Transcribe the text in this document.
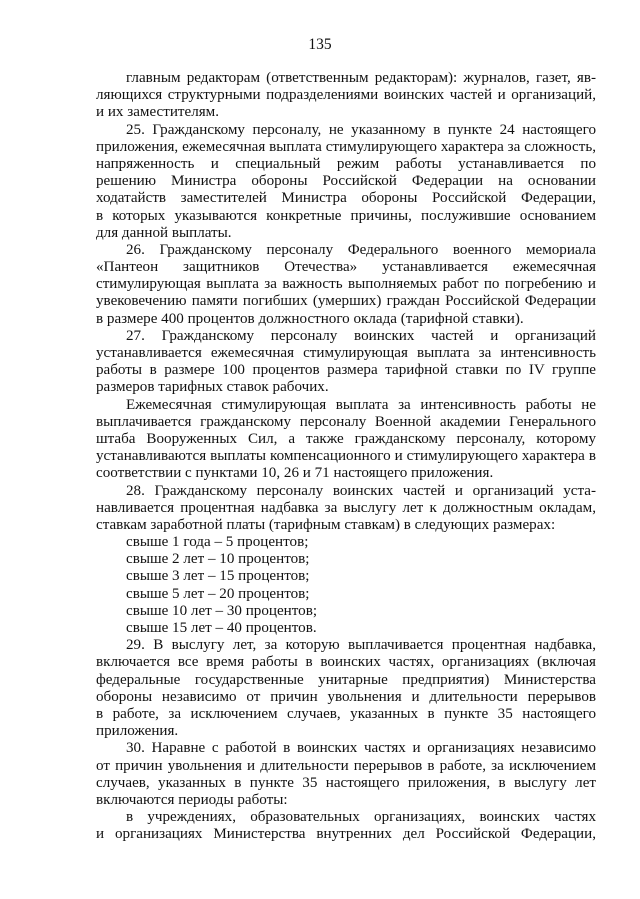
135
главным редакторам (ответственным редакторам): журналов, газет, яв-
ляющихся структурными подразделениями воинских частей и организаций,
и их заместителям.
25. Гражданскому персоналу, не указанному в пункте 24 настоящего
приложения, ежемесячная выплата стимулирующего характера за сложность,
напряженность и специальный режим работы устанавливается по
решению Министра обороны Российской Федерации на основании
ходатайств заместителей Министра обороны Российской Федерации,
в которых указываются конкретные причины, послужившие основанием
для данной выплаты.
26. Гражданскому персоналу Федерального военного мемориала
«Пантеон защитников Отечества» устанавливается ежемесячная
стимулирующая выплата за важность выполняемых работ по погребению и
увековечению памяти погибших (умерших) граждан Российской Федерации
в размере 400 процентов должностного оклада (тарифной ставки).
27. Гражданскому персоналу воинских частей и организаций
устанавливается ежемесячная стимулирующая выплата за интенсивность
работы в размере 100 процентов размера тарифной ставки по IV группе
размеров тарифных ставок рабочих.
Ежемесячная стимулирующая выплата за интенсивность работы не
выплачивается гражданскому персоналу Военной академии Генерального
штаба Вооруженных Сил, а также гражданскому персоналу, которому
устанавливаются выплаты компенсационного и стимулирующего характера в
соответствии с пунктами 10, 26 и 71 настоящего приложения.
28. Гражданскому персоналу воинских частей и организаций уста-
навливается процентная надбавка за выслугу лет к должностным окладам,
ставкам заработной платы (тарифным ставкам) в следующих размерах:
свыше 1 года – 5 процентов;
свыше 2 лет – 10 процентов;
свыше 3 лет – 15 процентов;
свыше 5 лет – 20 процентов;
свыше 10 лет – 30 процентов;
свыше 15 лет – 40 процентов.
29. В выслугу лет, за которую выплачивается процентная надбавка,
включается все время работы в воинских частях, организациях (включая
федеральные государственные унитарные предприятия) Министерства
обороны независимо от причин увольнения и длительности перерывов
в работе, за исключением случаев, указанных в пункте 35 настоящего
приложения.
30. Наравне с работой в воинских частях и организациях независимо
от причин увольнения и длительности перерывов в работе, за исключением
случаев, указанных в пункте 35 настоящего приложения, в выслугу лет
включаются периоды работы:
в учреждениях, образовательных организациях, воинских частях
и организациях Министерства внутренних дел Российской Федерации,
